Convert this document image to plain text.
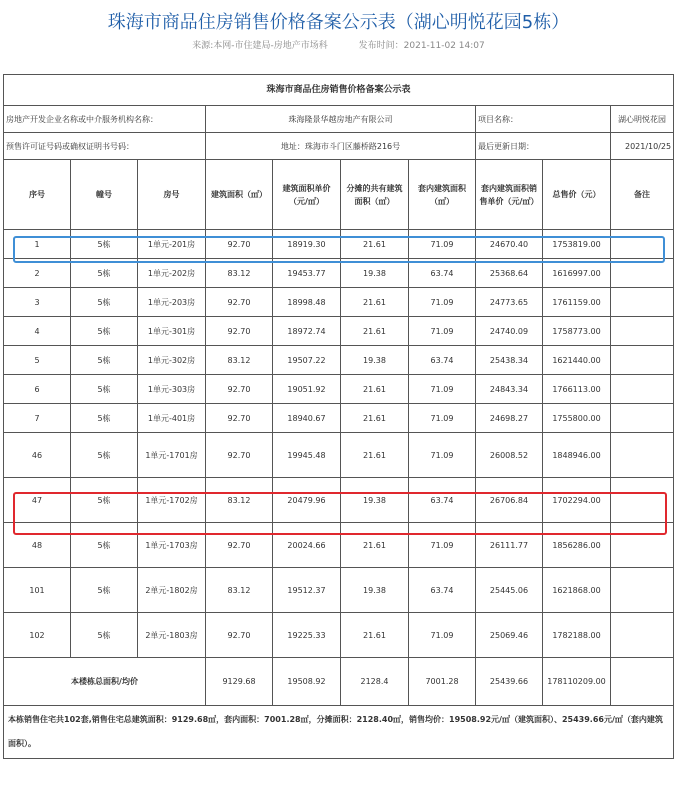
珠海市商品住房销售价格备案公示表（湖心明悦花园5栋）
来源:本网-市住建局-房地产市场科	发布时间：2021-11-02 14:07
珠海市商品住房销售价格备案公示表									
房地产开发企业名称或中介服务机构名称：			珠海隆景华越房地产有限公司				项目名称：		湖心明悦花园
预售许可证号码或确权证明书号码：			地址：珠海市斗门区藤桥路216号				最后更新日期：		2021/10/25
序号	幢号	房号	建筑面积（㎡）	建筑面积单价（元/㎡）	分摊的共有建筑面积（㎡）	套内建筑面积（㎡）	套内建筑面积销售单价（元/㎡）	总售价（元）	备注
1	5栋	1单元-201房	92.70	18919.30	21.61	71.09	24670.40	1753819.00	
2	5栋	1单元-202房	83.12	19453.77	19.38	63.74	25368.64	1616997.00	
3	5栋	1单元-203房	92.70	18998.48	21.61	71.09	24773.65	1761159.00	
4	5栋	1单元-301房	92.70	18972.74	21.61	71.09	24740.09	1758773.00	
5	5栋	1单元-302房	83.12	19507.22	19.38	63.74	25438.34	1621440.00	
6	5栋	1单元-303房	92.70	19051.92	21.61	71.09	24843.34	1766113.00	
7	5栋	1单元-401房	92.70	18940.67	21.61	71.09	24698.27	1755800.00	
46	5栋	1单元-1701房	92.70	19945.48	21.61	71.09	26008.52	1848946.00	
47	5栋	1单元-1702房	83.12	20479.96	19.38	63.74	26706.84	1702294.00	
48	5栋	1单元-1703房	92.70	20024.66	21.61	71.09	26111.77	1856286.00	
101	5栋	2单元-1802房	83.12	19512.37	19.38	63.74	25445.06	1621868.00	
102	5栋	2单元-1803房	92.70	19225.33	21.61	71.09	25069.46	1782188.00	
本楼栋总面积/均价			9129.68	19508.92	2128.4	7001.28	25439.66	178110209.00	
本栋销售住宅共102套,销售住宅总建筑面积：9129.68㎡，套内面积：7001.28㎡，分摊面积：2128.40㎡，销售均价：19508.92元/㎡（建筑面积）、25439.66元/㎡（套内建筑面积）。									
